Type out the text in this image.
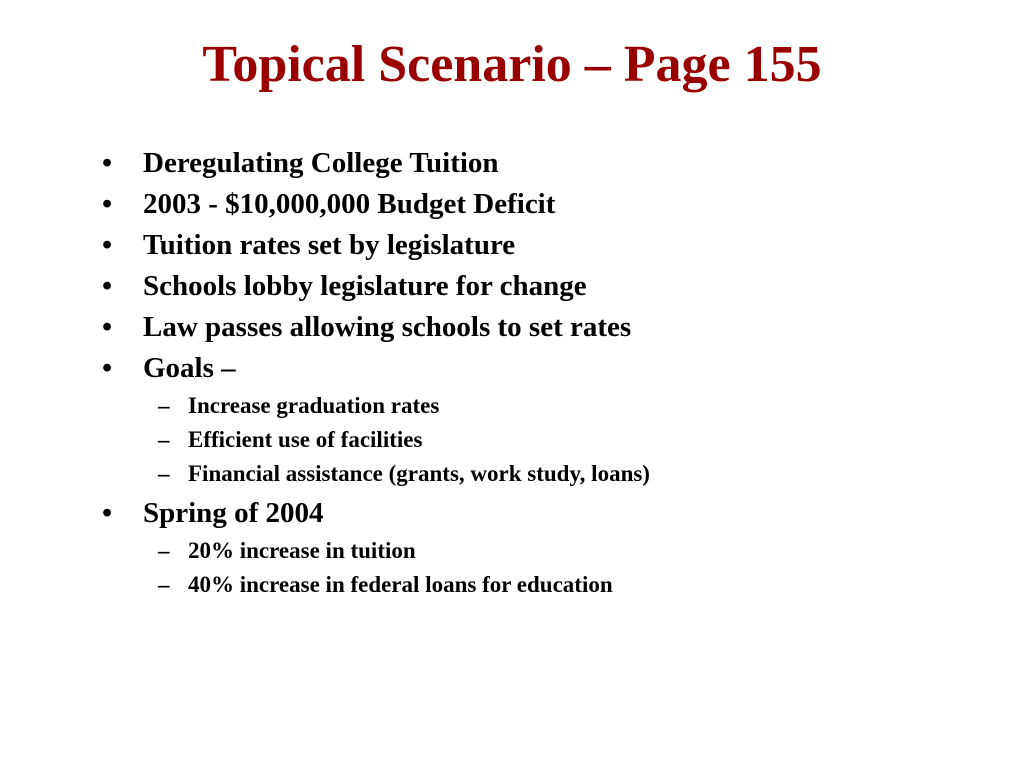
Topical Scenario – Page 155
• Deregulating College Tuition
• 2003 - $10,000,000 Budget Deficit
• Tuition rates set by legislature
• Schools lobby legislature for change
• Law passes allowing schools to set rates
• Goals –
– Increase graduation rates
– Efficient use of facilities
– Financial assistance (grants, work study, loans)
• Spring of 2004
– 20% increase in tuition
– 40% increase in federal loans for education
